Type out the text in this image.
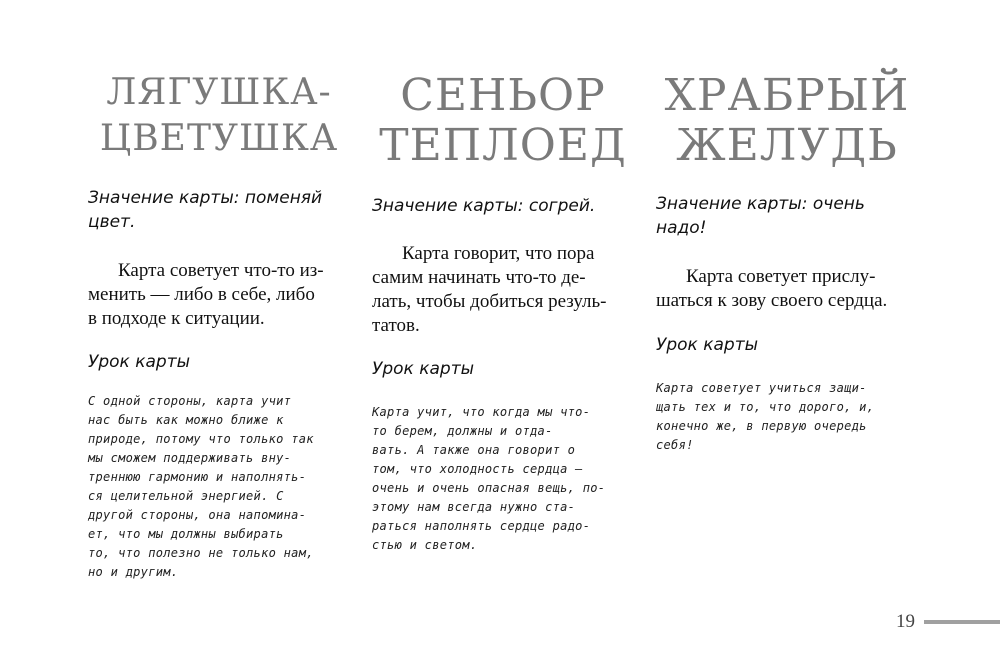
ЛЯГУШКА-
ЦВЕТУШКА
Значение карты: поменяй
цвет.
Карта советует что-то из-
менить — либо в себе, либо
в подходе к ситуации.
Урок карты
С одной стороны, карта учит
нас быть как можно ближе к
природе, потому что только так
мы сможем поддерживать вну-
треннюю гармонию и наполнять-
ся целительной энергией. С
другой стороны, она напомина-
ет, что мы должны выбирать
то, что полезно не только нам,
но и другим.
СЕНЬОР
ТЕПЛОЕД
Значение карты: согрей.
Карта говорит, что пора
самим начинать что-то де-
лать, чтобы добиться резуль-
татов.
Урок карты
Карта учит, что когда мы что-
то берем, должны и отда-
вать. А также она говорит о
том, что холодность сердца —
очень и очень опасная вещь, по-
этому нам всегда нужно ста-
раться наполнять сердце радо-
стью и светом.
ХРАБРЫЙ
ЖЕЛУДЬ
Значение карты: очень
надо!
Карта советует прислу-
шаться к зову своего сердца.
Урок карты
Карта советует учиться защи-
щать тех и то, что дорого, и,
конечно же, в первую очередь
себя!
19
